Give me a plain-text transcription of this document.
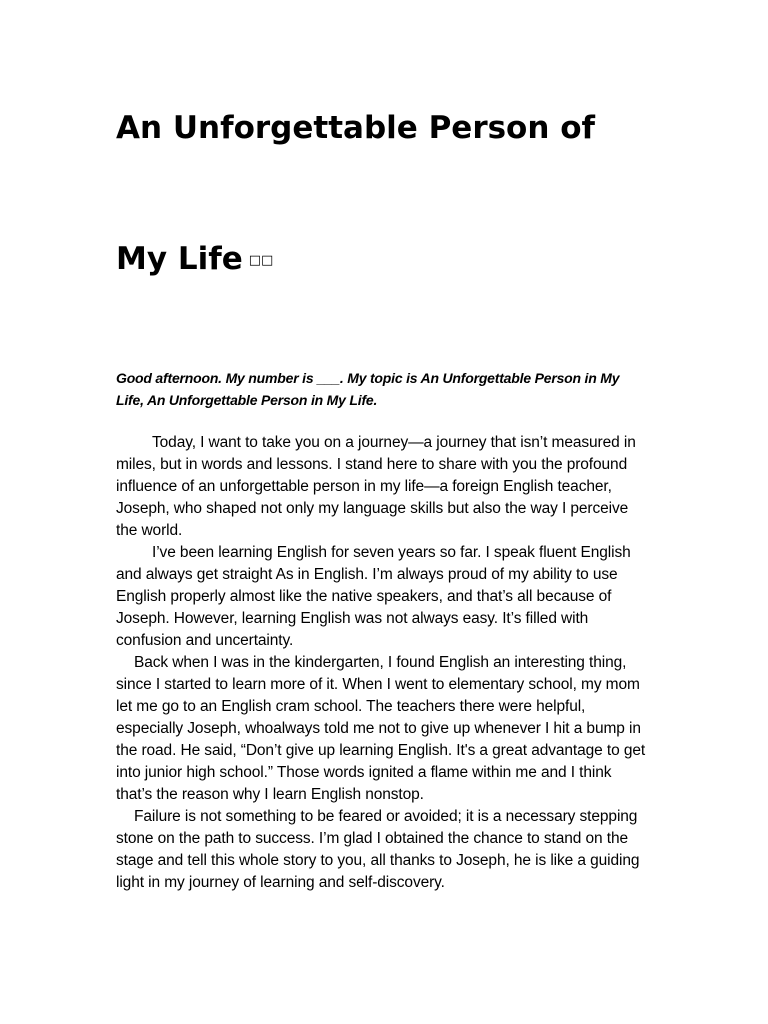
An Unforgettable Person of
My Life □□

Good afternoon. My number is ___. My topic is An Unforgettable Person in My Life, An Unforgettable Person in My Life.

Today, I want to take you on a journey—a journey that isn’t measured in miles, but in words and lessons. I stand here to share with you the profound influence of an unforgettable person in my life—a foreign English teacher, Joseph, who shaped not only my language skills but also the way I perceive the world.

I’ve been learning English for seven years so far. I speak fluent English and always get straight As in English. I’m always proud of my ability to use English properly almost like the native speakers, and that’s all because of Joseph. However, learning English was not always easy. It’s filled with confusion and uncertainty.

Back when I was in the kindergarten, I found English an interesting thing, since I started to learn more of it. When I went to elementary school, my mom let me go to an English cram school. The teachers there were helpful, especially Joseph, whoalways told me not to give up whenever I hit a bump in the road. He said, “Don’t give up learning English. It's a great advantage to get into junior high school.” Those words ignited a flame within me and I think that’s the reason why I learn English nonstop.

Failure is not something to be feared or avoided; it is a necessary stepping stone on the path to success. I’m glad I obtained the chance to stand on the stage and tell this whole story to you, all thanks to Joseph, he is like a guiding light in my journey of learning and self-discovery.
